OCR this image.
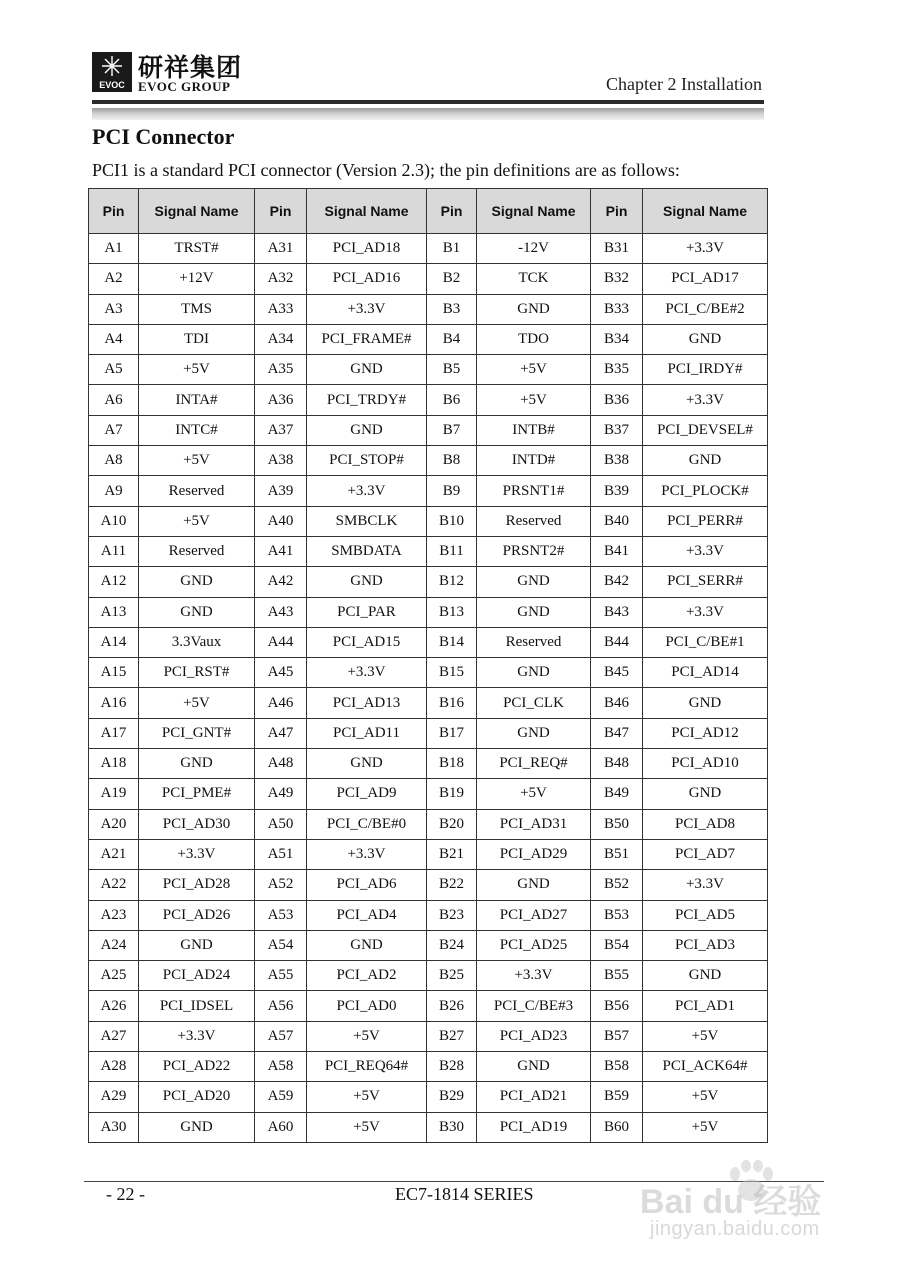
EVOC
研祥集团
EVOC GROUP	Chapter 2 Installation
PCI Connector
PCI1 is a standard PCI connector (Version 2.3); the pin definitions are as follows:
Pin	Signal Name	Pin	Signal Name	Pin	Signal Name	Pin	Signal Name
A1	TRST#	A31	PCI_AD18	B1	-12V	B31	+3.3V
A2	+12V	A32	PCI_AD16	B2	TCK	B32	PCI_AD17
A3	TMS	A33	+3.3V	B3	GND	B33	PCI_C/BE#2
A4	TDI	A34	PCI_FRAME#	B4	TDO	B34	GND
A5	+5V	A35	GND	B5	+5V	B35	PCI_IRDY#
A6	INTA#	A36	PCI_TRDY#	B6	+5V	B36	+3.3V
A7	INTC#	A37	GND	B7	INTB#	B37	PCI_DEVSEL#
A8	+5V	A38	PCI_STOP#	B8	INTD#	B38	GND
A9	Reserved	A39	+3.3V	B9	PRSNT1#	B39	PCI_PLOCK#
A10	+5V	A40	SMBCLK	B10	Reserved	B40	PCI_PERR#
A11	Reserved	A41	SMBDATA	B11	PRSNT2#	B41	+3.3V
A12	GND	A42	GND	B12	GND	B42	PCI_SERR#
A13	GND	A43	PCI_PAR	B13	GND	B43	+3.3V
A14	3.3Vaux	A44	PCI_AD15	B14	Reserved	B44	PCI_C/BE#1
A15	PCI_RST#	A45	+3.3V	B15	GND	B45	PCI_AD14
A16	+5V	A46	PCI_AD13	B16	PCI_CLK	B46	GND
A17	PCI_GNT#	A47	PCI_AD11	B17	GND	B47	PCI_AD12
A18	GND	A48	GND	B18	PCI_REQ#	B48	PCI_AD10
A19	PCI_PME#	A49	PCI_AD9	B19	+5V	B49	GND
A20	PCI_AD30	A50	PCI_C/BE#0	B20	PCI_AD31	B50	PCI_AD8
A21	+3.3V	A51	+3.3V	B21	PCI_AD29	B51	PCI_AD7
A22	PCI_AD28	A52	PCI_AD6	B22	GND	B52	+3.3V
A23	PCI_AD26	A53	PCI_AD4	B23	PCI_AD27	B53	PCI_AD5
A24	GND	A54	GND	B24	PCI_AD25	B54	PCI_AD3
A25	PCI_AD24	A55	PCI_AD2	B25	+3.3V	B55	GND
A26	PCI_IDSEL	A56	PCI_AD0	B26	PCI_C/BE#3	B56	PCI_AD1
A27	+3.3V	A57	+5V	B27	PCI_AD23	B57	+5V
A28	PCI_AD22	A58	PCI_REQ64#	B28	GND	B58	PCI_ACK64#
A29	PCI_AD20	A59	+5V	B29	PCI_AD21	B59	+5V
A30	GND	A60	+5V	B30	PCI_AD19	B60	+5V
- 22 -	EC7-1814 SERIES	Bai du 经验
jingyan.baidu.com
